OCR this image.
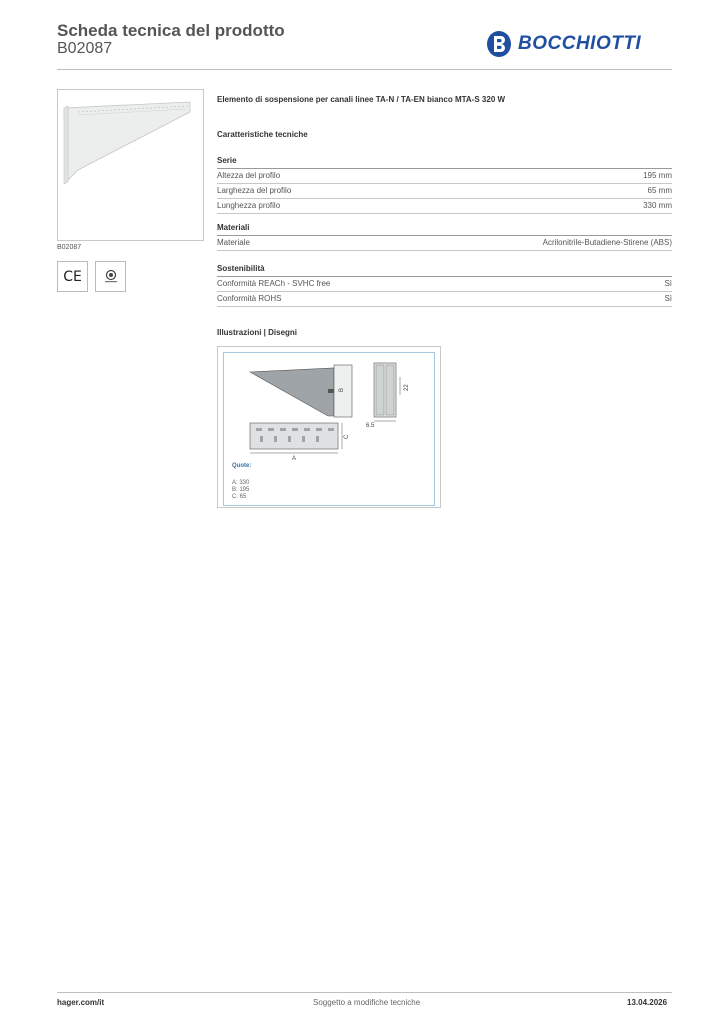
Scheda tecnica del prodotto
B02087	BOCCHIOTTI
B02087
CE
Elemento di sospensione per canali linee TA-N / TA-EN bianco MTA-S 320 W
Caratteristiche tecniche
Serie
Altezza del profilo	195 mm
Larghezza del profilo	65 mm
Lunghezza profilo	330 mm
Materiali
Materiale	Acrilonitrile-Butadiene-Stirene (ABS)
Sostenibilità
Conformità REACh - SVHC free	Sì
Conformità ROHS	Sì
Illustrazioni | Disegni
B	22
6.5
C
A
Quote:
A: 330
B: 195
C: 65
hager.com/it	Soggetto a modifiche tecniche	13.04.2026
